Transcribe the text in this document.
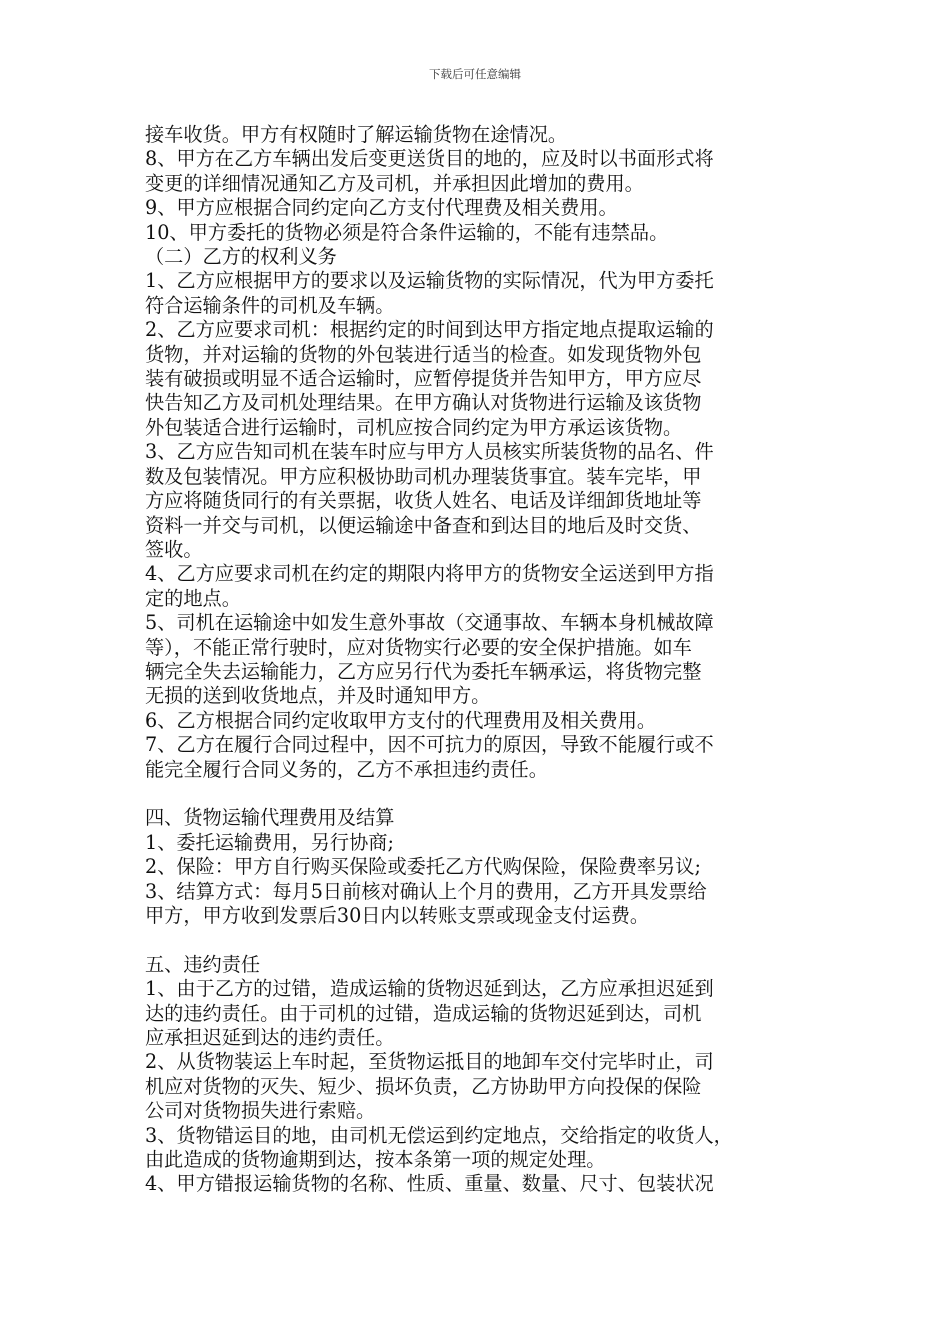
下载后可任意编辑

接车收货。甲方有权随时了解运输货物在途情况。

8、甲方在乙方车辆出发后变更送货目的地的，应及时以书面形式将

变更的详细情况通知乙方及司机，并承担因此增加的费用。

9、甲方应根据合同约定向乙方支付代理费及相关费用。

10、甲方委托的货物必须是符合条件运输的，不能有违禁品。

（二）乙方的权利义务

1、乙方应根据甲方的要求以及运输货物的实际情况，代为甲方委托

符合运输条件的司机及车辆。

2、乙方应要求司机：根据约定的时间到达甲方指定地点提取运输的

货物，并对运输的货物的外包装进行适当的检查。如发现货物外包

装有破损或明显不适合运输时，应暂停提货并告知甲方，甲方应尽

快告知乙方及司机处理结果。在甲方确认对货物进行运输及该货物

外包装适合进行运输时，司机应按合同约定为甲方承运该货物。

3、乙方应告知司机在装车时应与甲方人员核实所装货物的品名、件

数及包装情况。甲方应积极协助司机办理装货事宜。装车完毕，甲

方应将随货同行的有关票据，收货人姓名、电话及详细卸货地址等

资料一并交与司机，以便运输途中备查和到达目的地后及时交货、

签收。

4、乙方应要求司机在约定的期限内将甲方的货物安全运送到甲方指

定的地点。

5、司机在运输途中如发生意外事故（交通事故、车辆本身机械故障

等），不能正常行驶时，应对货物实行必要的安全保护措施。如车

辆完全失去运输能力，乙方应另行代为委托车辆承运，将货物完整

无损的送到收货地点，并及时通知甲方。

6、乙方根据合同约定收取甲方支付的代理费用及相关费用。

7、乙方在履行合同过程中，因不可抗力的原因，导致不能履行或不

能完全履行合同义务的，乙方不承担违约责任。

四、货物运输代理费用及结算

1、委托运输费用，另行协商;

2、保险：甲方自行购买保险或委托乙方代购保险，保险费率另议;

3、结算方式：每月5日前核对确认上个月的费用，乙方开具发票给

甲方，甲方收到发票后30日内以转账支票或现金支付运费。

五、违约责任

1、由于乙方的过错，造成运输的货物迟延到达，乙方应承担迟延到

达的违约责任。由于司机的过错，造成运输的货物迟延到达，司机

应承担迟延到达的违约责任。

2、从货物装运上车时起，至货物运抵目的地卸车交付完毕时止，司

机应对货物的灭失、短少、损坏负责，乙方协助甲方向投保的保险

公司对货物损失进行索赔。

3、货物错运目的地，由司机无偿运到约定地点，交给指定的收货人，

由此造成的货物逾期到达，按本条第一项的规定处理。

4、甲方错报运输货物的名称、性质、重量、数量、尺寸、包装状况
